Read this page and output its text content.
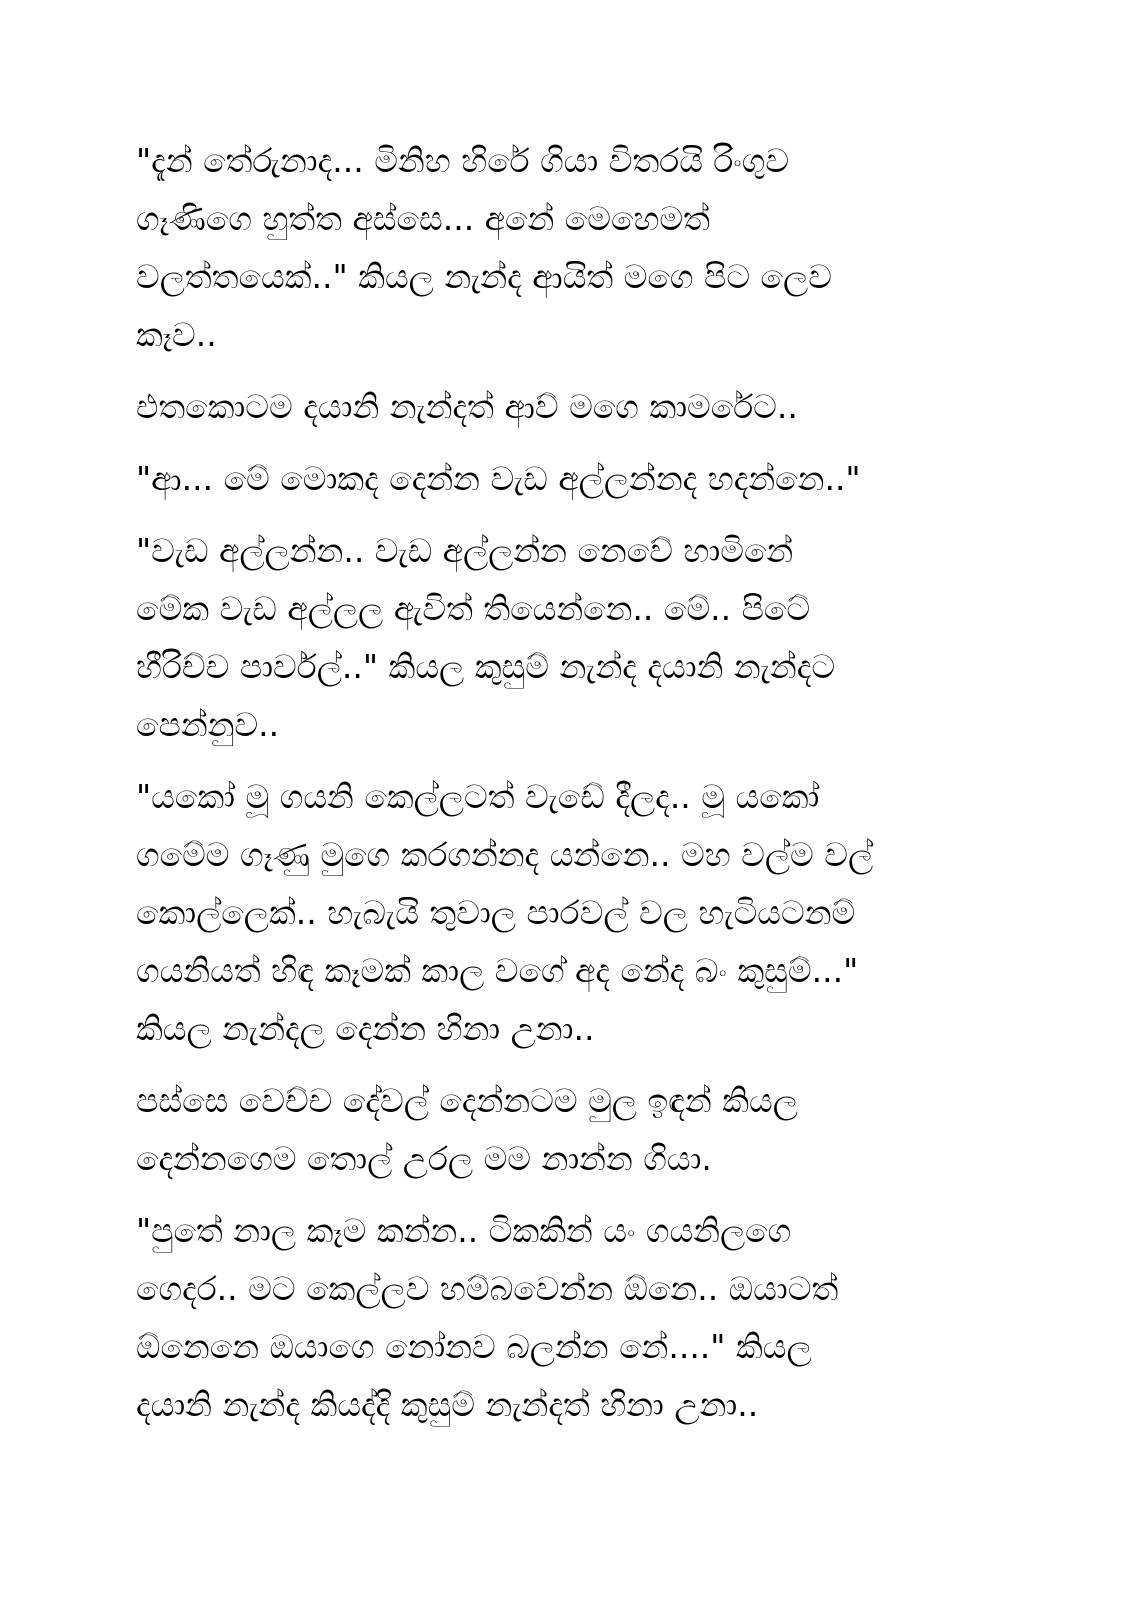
"දැන් තේරුනාද... මිනිහ හිරේ ගියා විතරයි රිංගුව
ගෑණිගෙ හුත්ත අස්සෙ... අනේ මෙහෙමත්
වලත්තයෙක්.." කියල නැන්ද ආයිත් මගෙ පිට ලෙව
කෑව..
එතකොටම දයානි නැන්දත් ආව් මගෙ කාමරේට..
"ආ... මේ මොකද දෙන්න වැඩ අල්ලන්නද හදන්නෙ.."
"වැඩ අල්ලන්න.. වැඩ අල්ලන්න නෙවේ හාමිනේ
මේක වැඩ අල්ලල ඇවිත් තියෙන්නෙ.. මේ.. පිටේ
හීරිච්ච පාර්වල්.." කියල කුසුම් නැන්ද දයානි නැන්දට
පෙන්නුව..
"යකෝ මූ ගයනි කෙල්ලටත් වැඩේ දීලද.. මූ යකෝ
ගමේම ගෑණු මුගෙ කරගන්නද යන්නෙ.. මහ වල්ම වල්
කොල්ලෙක්.. හැබැයි තුවාල පාරවල් වල හැටියටනම්
ගයනියත් හිඳ කෑමක් කාල වගේ අද නේද බං කුසුම්..."
කියල නැන්දල දෙන්න හිනා උනා..
පස්සෙ වෙච්ච දේවල් දෙන්නටම මුල ඉඳන් කියල
දෙන්නගෙම තොල් උරල මම නාන්න ගියා.
"පුතේ නාල කෑම කන්න.. ටිකකින් යං ගයනිලගෙ
ගෙදර.. මට කෙල්ලව හම්බවෙන්න ඕනෙ.. ඔයාටත්
ඕනෙනෙ ඔයාගෙ නෝනව බලන්න නේ...." කියල
දයානි නැන්ද කියද්දි කුසුම් නැන්දත් හිනා උනා..
